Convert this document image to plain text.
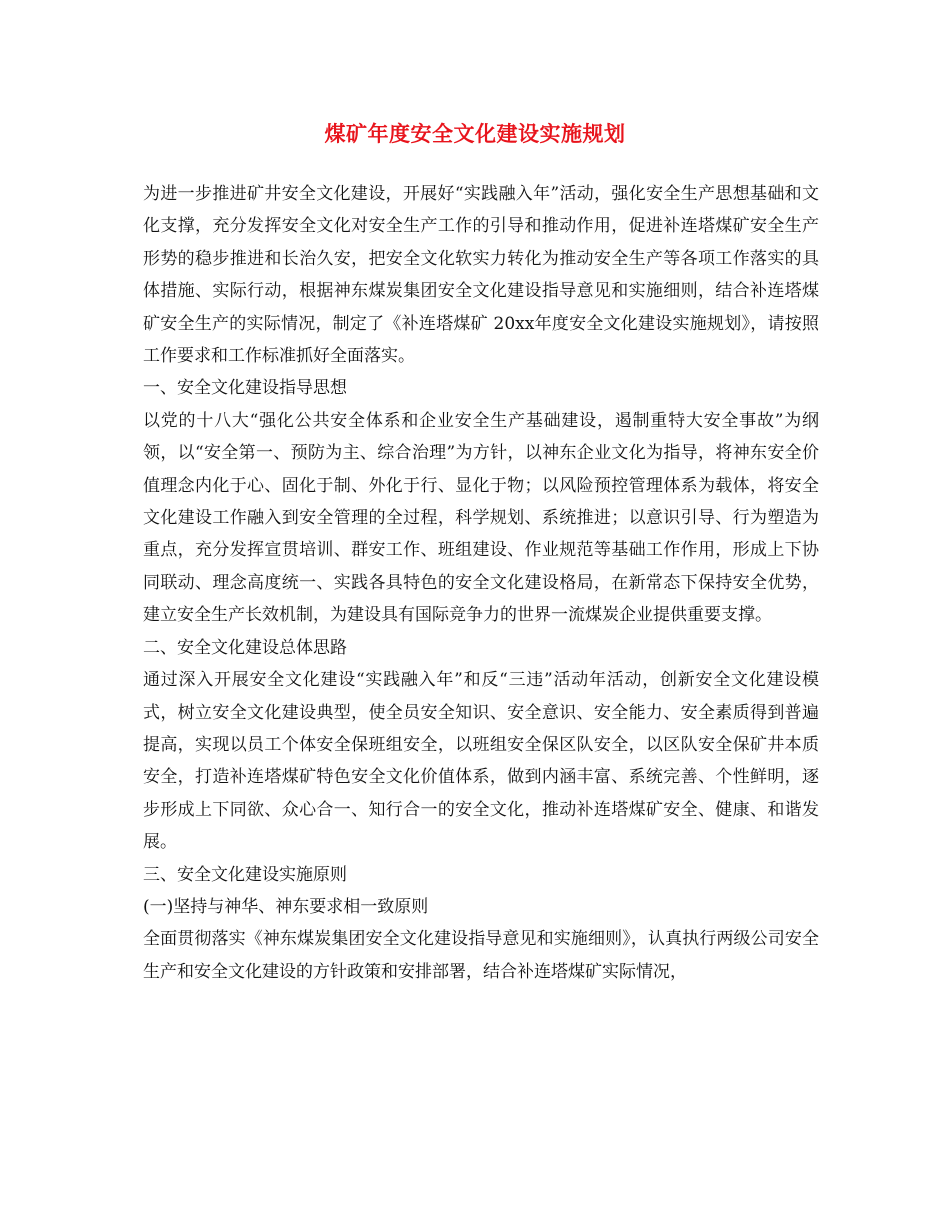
煤矿年度安全文化建设实施规划

为进一步推进矿井安全文化建设，开展好“实践融入年”活动，强化安全生产思想基础和文化支撑，充分发挥安全文化对安全生产工作的引导和推动作用，促进补连塔煤矿安全生产形势的稳步推进和长治久安，把安全文化软实力转化为推动安全生产等各项工作落实的具体措施、实际行动，根据神东煤炭集团安全文化建设指导意见和实施细则，结合补连塔煤矿安全生产的实际情况，制定了《补连塔煤矿 20xx年度安全文化建设实施规划》，请按照工作要求和工作标准抓好全面落实。

一、安全文化建设指导思想

以党的十八大“强化公共安全体系和企业安全生产基础建设，遏制重特大安全事故”为纲领，以“安全第一、预防为主、综合治理”为方针，以神东企业文化为指导，将神东安全价值理念内化于心、固化于制、外化于行、显化于物；以风险预控管理体系为载体，将安全文化建设工作融入到安全管理的全过程，科学规划、系统推进；以意识引导、行为塑造为重点，充分发挥宣贯培训、群安工作、班组建设、作业规范等基础工作作用，形成上下协同联动、理念高度统一、实践各具特色的安全文化建设格局，在新常态下保持安全优势，建立安全生产长效机制，为建设具有国际竞争力的世界一流煤炭企业提供重要支撑。

二、安全文化建设总体思路

通过深入开展安全文化建设“实践融入年”和反“三违”活动年活动，创新安全文化建设模式，树立安全文化建设典型，使全员安全知识、安全意识、安全能力、安全素质得到普遍提高，实现以员工个体安全保班组安全，以班组安全保区队安全，以区队安全保矿井本质安全，打造补连塔煤矿特色安全文化价值体系，做到内涵丰富、系统完善、个性鲜明，逐步形成上下同欲、众心合一、知行合一的安全文化，推动补连塔煤矿安全、健康、和谐发展。

三、安全文化建设实施原则

(一)坚持与神华、神东要求相一致原则

全面贯彻落实《神东煤炭集团安全文化建设指导意见和实施细则》，认真执行两级公司安全生产和安全文化建设的方针政策和安排部署，结合补连塔煤矿实际情况，
